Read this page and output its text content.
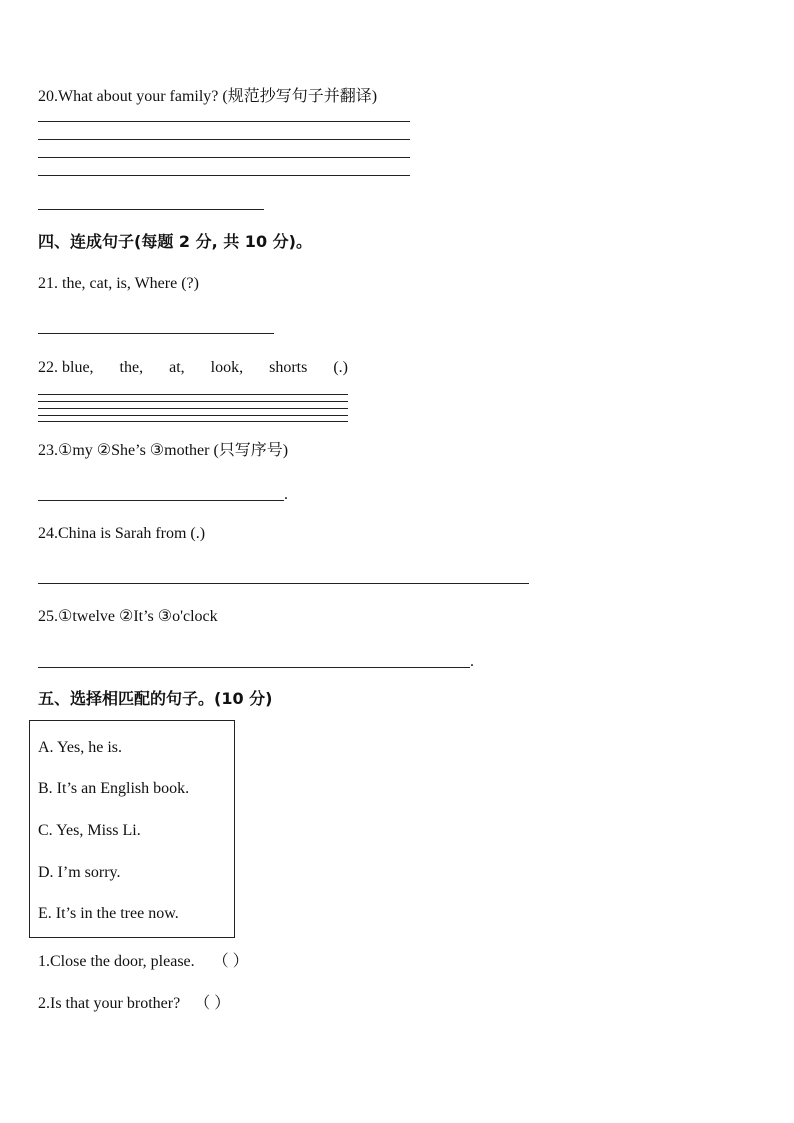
20.What about your family? (规范抄写句子并翻译)
四、连成句子(每题 2 分, 共 10 分)。
21. the, cat, is, Where (?)
22. blue, the, at, look, shorts (.)
23.①my ②She’s ③mother (只写序号)
.
24.China is Sarah from (.)
25.①twelve ②It’s ③o'clock
.
五、选择相匹配的句子。(10 分)
A. Yes, he is.
B. It’s an English book.
C. Yes, Miss Li.
D. I’m sorry.
E. It’s in the tree now.
1.Close the door, please. （ ）
2.Is that your brother? （ ）
